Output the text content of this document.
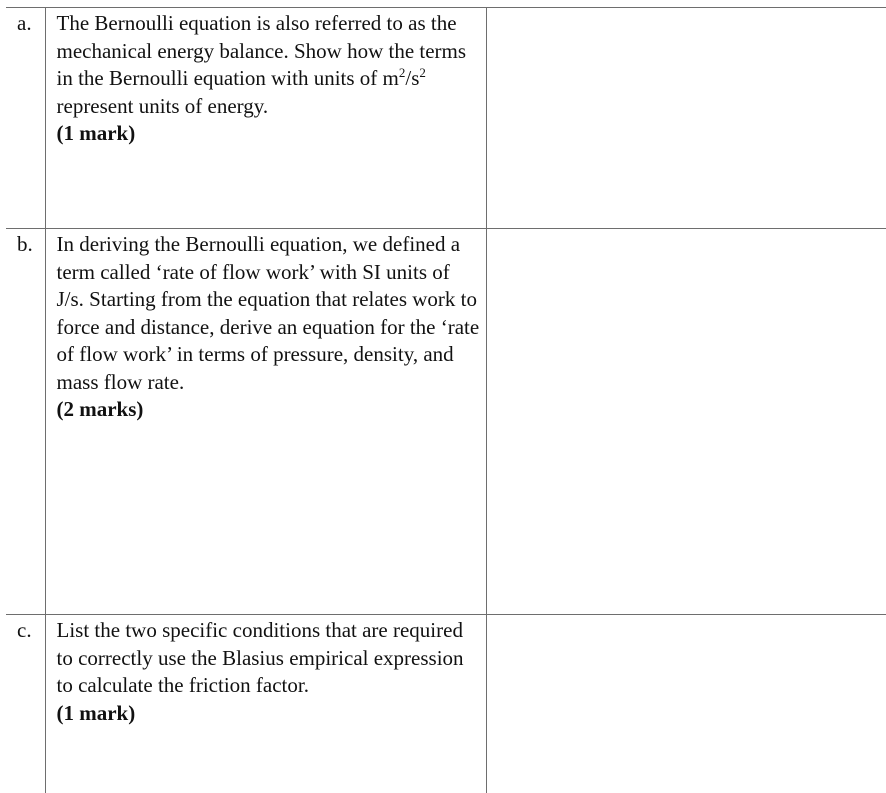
a.	The Bernoulli equation is also referred to as the mechanical energy balance. Show how the terms in the Bernoulli equation with units of $m^2/s^2$ represent units of energy.
(1 mark)	

b.	In deriving the Bernoulli equation, we defined a term called ‘rate of flow work’ with SI units of J/s. Starting from the equation that relates work to force and distance, derive an equation for the ‘rate of flow work’ in terms of pressure, density, and mass flow rate.
(2 marks)	

c.	List the two specific conditions that are required to correctly use the Blasius empirical expression to calculate the friction factor.
(1 mark)	
